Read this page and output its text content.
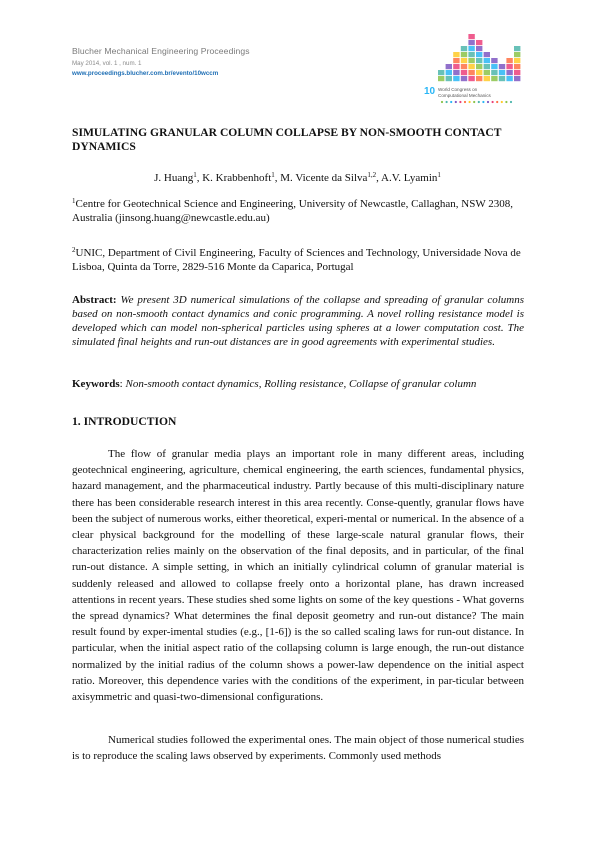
Blucher Mechanical Engineering Proceedings
May 2014, vol. 1 , num. 1
www.proceedings.blucher.com.br/evento/10wccm
10 World Congress on
Computational Mechanics
SIMULATING GRANULAR COLUMN COLLAPSE BY NON-SMOOTH CONTACT DYNAMICS
J. Huang$^1$, K. Krabbenhoft$^1$, M. Vicente da Silva$^{1,2}$, A.V. Lyamin$^1$
$^1$Centre for Geotechnical Science and Engineering, University of Newcastle, Callaghan, NSW 2308, Australia (jinsong.huang@newcastle.edu.au)
$^2$UNIC, Department of Civil Engineering, Faculty of Sciences and Technology, Universidade Nova de Lisboa, Quinta da Torre, 2829-516 Monte da Caparica, Portugal
Abstract: We present 3D numerical simulations of the collapse and spreading of granular columns based on non-smooth contact dynamics and conic programming. A novel rolling resistance model is developed which can model non-spherical particles using spheres at a lower computation cost. The simulated final heights and run-out distances are in good agreements with experimental studies.
Keywords: Non-smooth contact dynamics, Rolling resistance, Collapse of granular column
1. INTRODUCTION
The flow of granular media plays an important role in many different areas, including geotechnical engineering, agriculture, chemical engineering, the earth sciences, fundamental physics, hazard management, and the pharmaceutical industry. Partly because of this multi-disciplinary nature there has been considerable research interest in this area recently. Conse-quently, granular flows have been the subject of numerous works, either theoretical, experi-mental or numerical. In the absence of a clear physical background for the modelling of these large-scale natural granular flows, their characterization relies mainly on the observation of the final deposits, and in particular, of the final run-out distance. A simple setting, in which an initially cylindrical column of granular material is suddenly released and allowed to collapse freely onto a horizontal plane, has drawn increased attentions in recent years. These studies shed some lights on some of the key questions - What governs the spread dynamics? What determines the final deposit geometry and run-out distance? The main result found by exper-imental studies (e.g., [1-6]) is the so called scaling laws for run-out distance. In particular, when the initial aspect ratio of the collapsing column is large enough, the run-out distance normalized by the initial radius of the column shows a power-law dependence on the initial aspect ratio. Moreover, this dependence varies with the conditions of the experiment, in par-ticular between axisymmetric and quasi-two-dimensional configurations.
Numerical studies followed the experimental ones. The main object of those numerical studies is to reproduce the scaling laws observed by experiments. Commonly used methods
